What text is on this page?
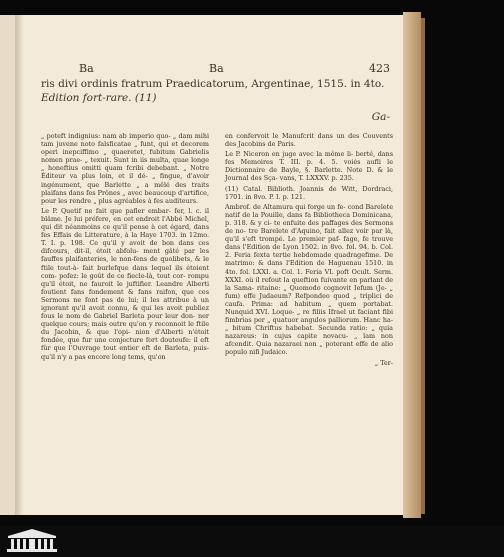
Ba	Ba	423
ris divi ordinis fratrum Praedicatorum, Argentinae, 1515. in 4to.
Edition fort-rare. (11)
Ga-

„ poteft indignius: nam ab imperio quo- „ dam mihi tam juvene noto falsficatae „ funt, qui et decorem operi inepciffimo „ quaeretet, fubitum Gabrielis nomen prae- „ texuit. Sunt in iis multa, quae longe „ honeftius omitti quam fcribi debebant. „ Notre Éditeur va plus loin, et il dé- „ fingue, d'avoir ingénument, que Barlette „ a mêlé des traits plaifans dans fes Prônes „ avec beaucoup d'artifice, pour les rendre „ plus agréables à fes auditeurs.

Le P. Quetif ne fait que pafler embar- fer, l. c. il blâme. Je lui préfere, en cet endroit l'Abbé Michel, qui dit néanmoins ce qu'il pense à cet égard, dans fes Effais de Litterature, à la Haye 1703. in 12mo. T. I. p. 198. Ce qu'il y avoit de bon dans ces difcours, dit-il, étoit abfolu- ment gâté par les fauffes plaifanteries, le non-fens de quolibets, & le ftile tout-à- fait burlefque dans lequel ils étoient com- pofez: le goût de ce fiecle-là, tout cor- rompu qu'il étoit, ne fauroit le juftifier. Leandre Alberti foutient fans fondement & fans raifon, que ces Sermons ne font pas de lui; il les attribue à un ignorant qu'il avoit connu, & qui les avoit publiez fous le nom de Gabriel Barleta pour leur don- ner quelque cours; mais outre qu'on y reconnoit le ftile du Jacobin, & que l'opi- nion d'Alberti n'étoit fondée, que fur une conjecture fort douteufe: il eft fûr que l'Ouvrage tout entier eft de Barleta, puis- qu'il n'y a pas encore long tems, qu'on

en confervoit le Manufcrit dans un des Couvents des Jacobins de Paris.

Le P. Niceron en juge avec la même li- berté, dans fes Memoires T. III. p. 4. 5. voiés aufli le Dictionnaire de Bayle, §. Barlette. Note D. & le Journal des Sça- vans, T. LXXXV. p. 235.

(11) Catal. Biblioth. Joannis de Witt, Dordraci, 1701. in 8vo. P. I. p. 121.

Ambrof. de Altamura qui forge un fe- cond Barelete natif de la Pouille, dans fa Bibliotheca Dominicana, p. 318. & y ci- te enfuite des paffages des Sermons de no- tre Barelete d'Aquino, fait allez voir par là, qu'il s'eft trompé. Le premier paf- fage, fe trouve dans l'Edition de Lyon 1502. in 8vo. fol. 94. b. Col. 2. Feria fexta tertie hebdomade quadragefime. De matrimo: & dans l'Edition de Haguenau 1510. in 4to. fol. LXXI. a. Col. 1. Feria VI. poft Ocult. Serm. XXXI. où il refout la queftion fuivante en parlant de la Sama- ritaine: „ Quomodo cognovit Iefum (Je- „ fum) effe Judaeum? Refpondeo quod „ triplici de caufa. Prima: ad habitum „ quem portabat. Nunquid XVI. Loque- „ re filiis Ifrael ut faciant fibi fimbrias per „ quatuor angulos palliorum. Hanc ha- „ bitum Chriftus habebat. Secunda ratio: „ quia nazareus: in cujus capite novacu- „ lam non afcendit. Quia nazaraei non „ poterant effe de alio populo nifi Judaico.

„ Ter-
